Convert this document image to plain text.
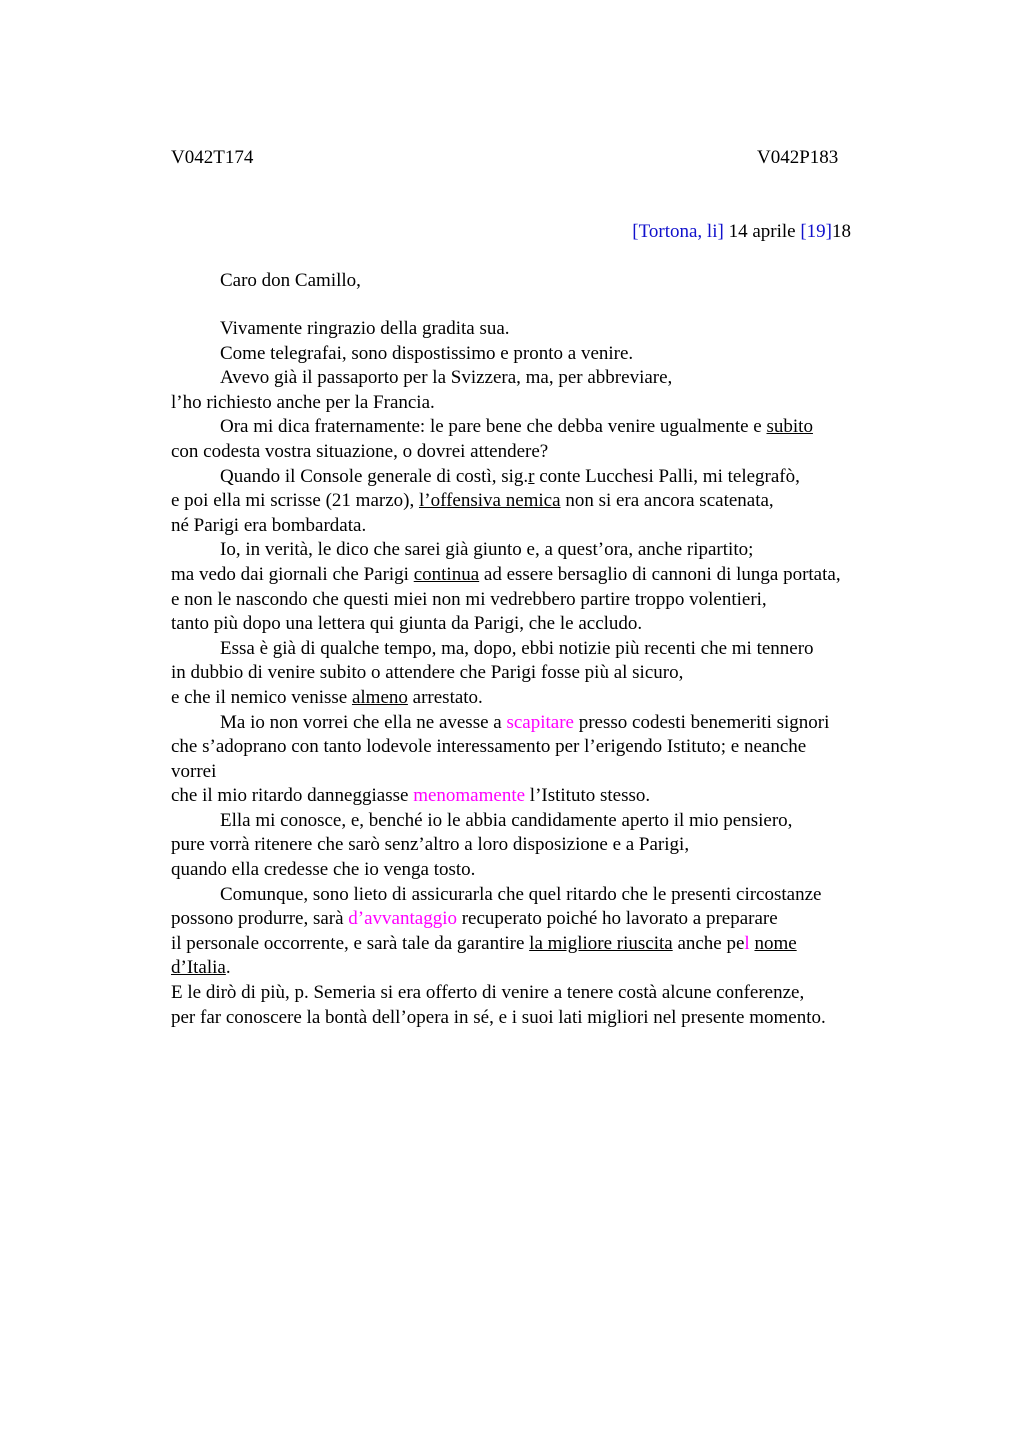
V042T174	V042P183
[Tortona, li] 14 aprile [19]18
Caro don Camillo,
Vivamente ringrazio della gradita sua.
Come telegrafai, sono dispostissimo e pronto a venire.
Avevo già il passaporto per la Svizzera, ma, per abbreviare,
l’ho richiesto anche per la Francia.
Ora mi dica fraternamente: le pare bene che debba venire ugualmente e subito
con codesta vostra situazione, o dovrei attendere?
Quando il Console generale di costì, sig.r conte Lucchesi Palli, mi telegrafò,
e poi ella mi scrisse (21 marzo), l’offensiva nemica non si era ancora scatenata,
né Parigi era bombardata.
Io, in verità, le dico che sarei già giunto e, a quest’ora, anche ripartito;
ma vedo dai giornali che Parigi continua ad essere bersaglio di cannoni di lunga portata,
e non le nascondo che questi miei non mi vedrebbero partire troppo volentieri,
tanto più dopo una lettera qui giunta da Parigi, che le accludo.
Essa è già di qualche tempo, ma, dopo, ebbi notizie più recenti che mi tennero
in dubbio di venire subito o attendere che Parigi fosse più al sicuro,
e che il nemico venisse almeno arrestato.
Ma io non vorrei che ella ne avesse a scapitare presso codesti benemeriti signori
che s’adoprano con tanto lodevole interessamento per l’erigendo Istituto; e neanche
vorrei
che il mio ritardo danneggiasse menomamente l’Istituto stesso.
Ella mi conosce, e, benché io le abbia candidamente aperto il mio pensiero,
pure vorrà ritenere che sarò senz’altro a loro disposizione e a Parigi,
quando ella credesse che io venga tosto.
Comunque, sono lieto di assicurarla che quel ritardo che le presenti circostanze
possono produrre, sarà d’avvantaggio recuperato poiché ho lavorato a preparare
il personale occorrente, e sarà tale da garantire la migliore riuscita anche pel nome
d’Italia.
E le dirò di più, p. Semeria si era offerto di venire a tenere costà alcune conferenze,
per far conoscere la bontà dell’opera in sé, e i suoi lati migliori nel presente momento.
